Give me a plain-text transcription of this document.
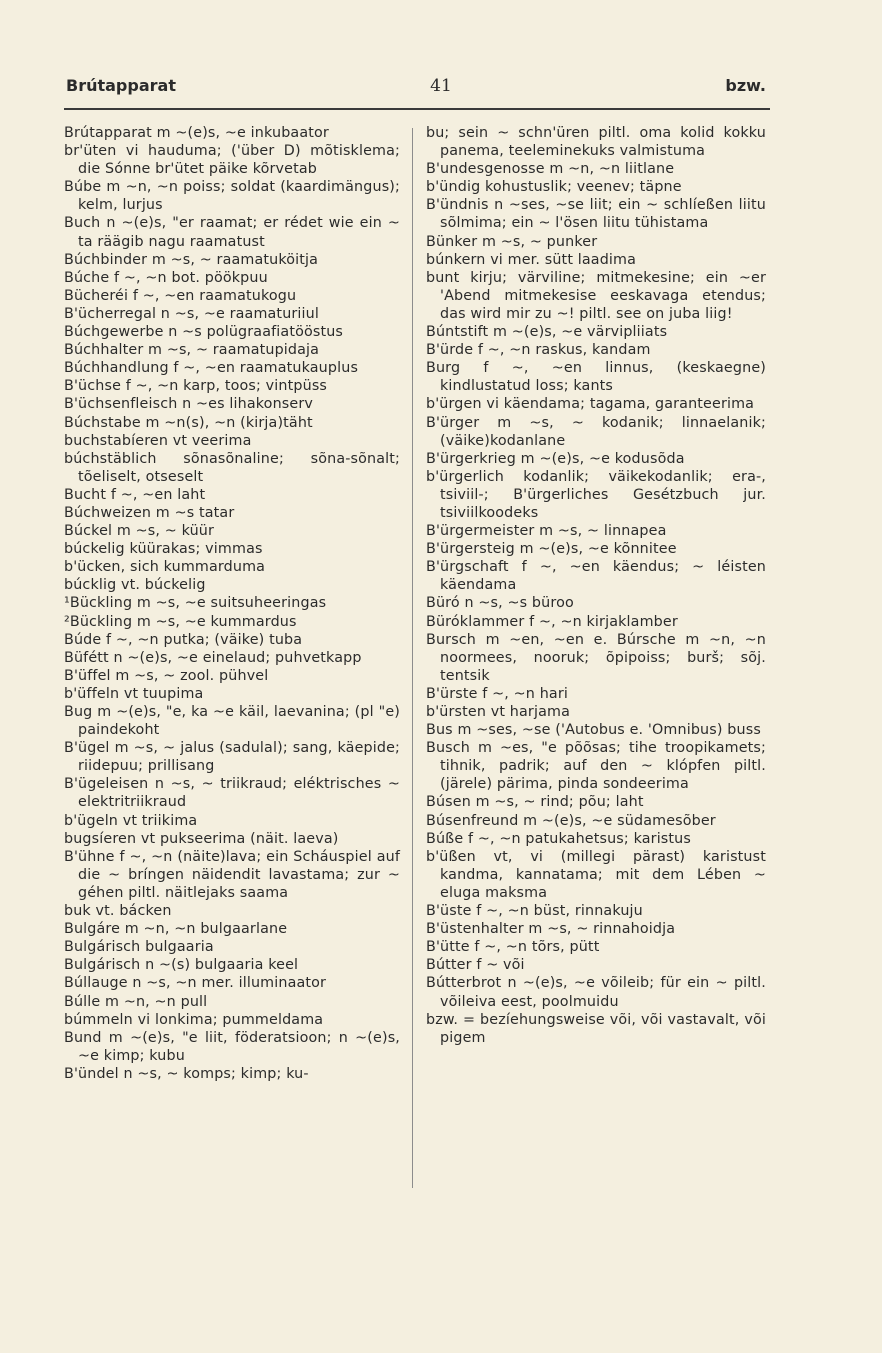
Brútapparat	41	bzw.
Brútapparat m ~(e)s, ~e inkubaator
br'üten vi hauduma; ('über D) mõtisklema; die Sónne br'ütet päike kõrvetab
Búbe m ~n, ~n poiss; soldat (kaardimängus); kelm, lurjus
Buch n ~(e)s, "er raamat; er rédet wie ein ~ ta räägib nagu raamatust
Búchbinder m ~s, ~ raamatuköitja
Búche f ~, ~n bot. pöökpuu
Bücheréi f ~, ~en raamatukogu
B'ücherregal n ~s, ~e raamaturiiul
Búchgewerbe n ~s polügraafiatööstus
Búchhalter m ~s, ~ raamatupidaja
Búchhandlung f ~, ~en raamatukauplus
B'üchse f ~, ~n karp, toos; vintpüss
B'üchsenfleisch n ~es lihakonserv
Búchstabe m ~n(s), ~n (kirja)täht
buchstabíeren vt veerima
búchstäblich sõnasõnaline; sõna-sõnalt; tõeliselt, otseselt
Bucht f ~, ~en laht
Búchweizen m ~s tatar
Búckel m ~s, ~ küür
búckelig küürakas; vimmas
b'ücken, sich kummarduma
búcklig vt. búckelig
¹Bückling m ~s, ~e suitsuheeringas
²Bückling m ~s, ~e kummardus
Búde f ~, ~n putka; (väike) tuba
Büfétt n ~(e)s, ~e einelaud; puhvetkapp
B'üffel m ~s, ~ zool. pühvel
b'üffeln vt tuupima
Bug m ~(e)s, "e, ka ~e käil, laevanina; (pl "e) paindekoht
B'ügel m ~s, ~ jalus (sadulal); sang, käepide; riidepuu; prillisang
B'ügeleisen n ~s, ~ triikraud; eléktrisches ~ elektritriikraud
b'ügeln vt triikima
bugsíeren vt pukseerima (näit. laeva)
B'ühne f ~, ~n (näite)lava; ein Scháuspiel auf die ~ bríngen näidendit lavastama; zur ~ géhen piltl. näitlejaks saama
buk vt. bácken
Bulgáre m ~n, ~n bulgaarlane
Bulgárisch bulgaaria
Bulgárisch n ~(s) bulgaaria keel
Búllauge n ~s, ~n mer. illuminaator
Búlle m ~n, ~n pull
búmmeln vi lonkima; pummeldama
Bund m ~(e)s, "e liit, föderatsioon; n ~(e)s, ~e kimp; kubu
B'ündel n ~s, ~ komps; kimp; ku-
bu; sein ~ schn'üren piltl. oma kolid kokku panema, teeleminekuks valmistuma
B'undesgenosse m ~n, ~n liitlane
b'ündig kohustuslik; veenev; täpne
B'ündnis n ~ses, ~se liit; ein ~ schlíeßen liitu sõlmima; ein ~ l'ösen liitu tühistama
Bünker m ~s, ~ punker
búnkern vi mer. sütt laadima
bunt kirju; värviline; mitmekesine; ein ~er 'Abend mitmekesise eeskavaga etendus; das wird mir zu ~! piltl. see on juba liig!
Búntstift m ~(e)s, ~e värvipliiats
B'ürde f ~, ~n raskus, kandam
Burg f ~, ~en linnus, (keskaegne) kindlustatud loss; kants
b'ürgen vi käendama; tagama, garanteerima
B'ürger m ~s, ~ kodanik; linnaelanik; (väike)kodanlane
B'ürgerkrieg m ~(e)s, ~e kodusõda
b'ürgerlich kodanlik; väikekodanlik; era-, tsiviil-; B'ürgerliches Gesétzbuch jur. tsiviilkoodeks
B'ürgermeister m ~s, ~ linnapea
B'ürgersteig m ~(e)s, ~e kõnnitee
B'ürgschaft f ~, ~en käendus; ~ léisten käendama
Büró n ~s, ~s büroo
Büróklammer f ~, ~n kirjaklamber
Bursch m ~en, ~en e. Búrsche m ~n, ~n noormees, nooruk; õpipoiss; burš; sõj. tentsik
B'ürste f ~, ~n hari
b'ürsten vt harjama
Bus m ~ses, ~se ('Autobus e. 'Omnibus) buss
Busch m ~es, "e põõsas; tihe troopikamets; tihnik, padrik; auf den ~ klópfen piltl. (järele) pärima, pinda sondeerima
Búsen m ~s, ~ rind; põu; laht
Búsenfreund m ~(e)s, ~e südamesõber
Búße f ~, ~n patukahetsus; karistus
b'üßen vt, vi (millegi pärast) karistust kandma, kannatama; mit dem Lében ~ eluga maksma
B'üste f ~, ~n büst, rinnakuju
B'üstenhalter m ~s, ~ rinnahoidja
B'ütte f ~, ~n tõrs, pütt
Bútter f ~ või
Bútterbrot n ~(e)s, ~e võileib; für ein ~ piltl. võileiva eest, poolmuidu
bzw. = bezíehungsweise või, või vastavalt, või pigem
